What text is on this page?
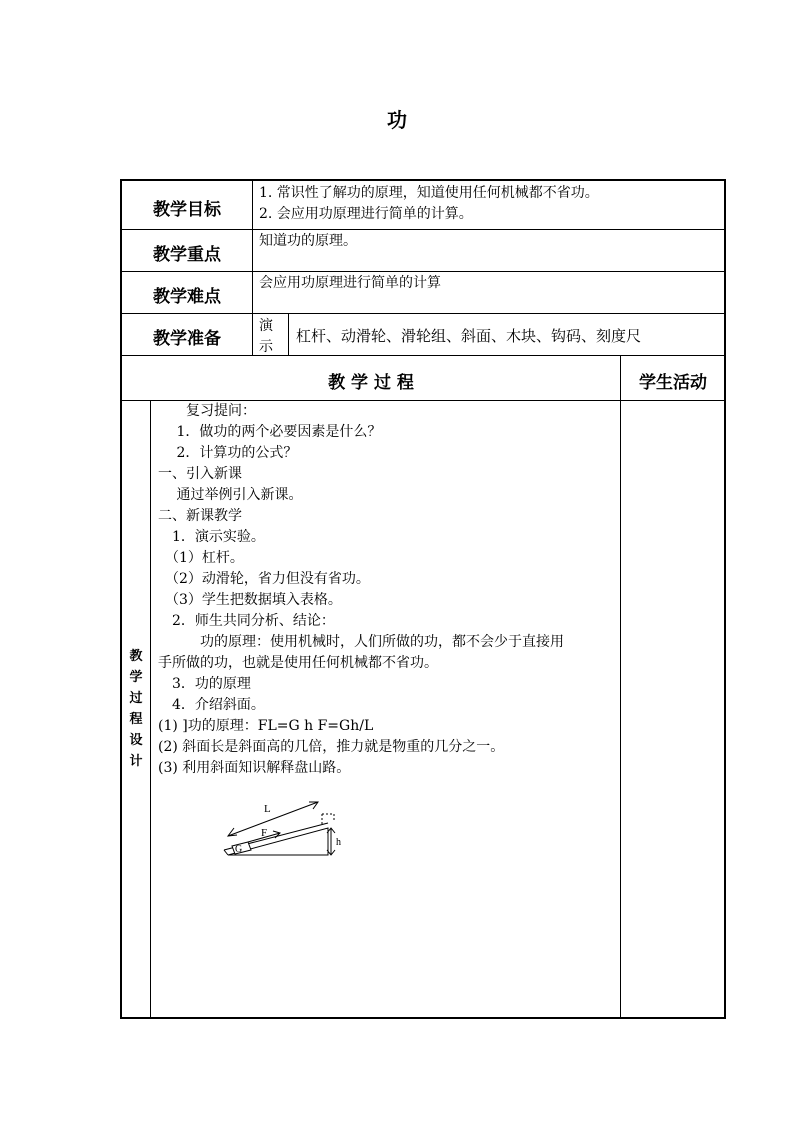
功
教学目标
教学重点
教学难点
教学准备
1. 常识性了解功的原理，知道使用任何机械都不省功。
2. 会应用功原理进行简单的计算。
知道功的原理。
会应用功原理进行简单的计算
演
示
杠杆、动滑轮、滑轮组、斜面、木块、钩码、刻度尺
教 学 过 程	学生活动
教
学
过
程
设
计
　　复习提问：
　 1．做功的两个必要因素是什么？
　 2．计算功的公式？
一、引入新课
　 通过举例引入新课。
二、新课教学
　1．演示实验。
　（1）杠杆。
　（2）动滑轮，省力但没有省功。
　（3）学生把数据填入表格。
　2．师生共同分析、结论：
　　　功的原理：使用机械时，人们所做的功，都不会少于直接用
手所做的功，也就是使用任何机械都不省功。
　3．功的原理
　4．介绍斜面。
(1) ]功的原理：FL=G h F=Gh/L
(2) 斜面长是斜面高的几倍，推力就是物重的几分之一。
(3) 利用斜面知识解释盘山路。
L
F
G
h
